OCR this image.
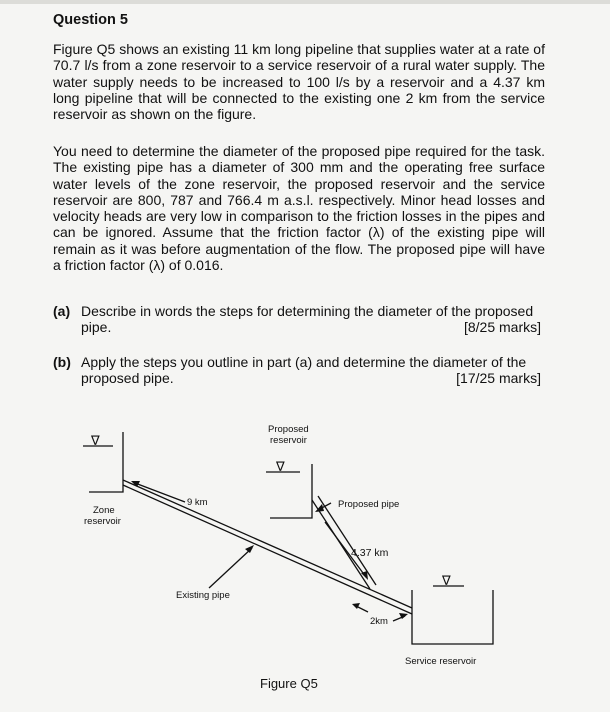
Question 5
Figure Q5 shows an existing 11 km long pipeline that supplies water at a rate of 70.7 l/s from a zone reservoir to a service reservoir of a rural water supply. The water supply needs to be increased to 100 l/s by a reservoir and a 4.37 km long pipeline that will be connected to the existing one 2 km from the service reservoir as shown on the figure.
You need to determine the diameter of the proposed pipe required for the task. The existing pipe has a diameter of 300 mm and the operating free surface water levels of the zone reservoir, the proposed reservoir and the service reservoir are 800, 787 and 766.4 m a.s.l. respectively. Minor head losses and velocity heads are very low in comparison to the friction losses in the pipes and can be ignored. Assume that the friction factor (λ) of the existing pipe will remain as it was before augmentation of the flow. The proposed pipe will have a friction factor (λ) of 0.016.
(a) Describe in words the steps for determining the diameter of the proposed pipe.	[8/25 marks]
(b) Apply the steps you outline in part (a) and determine the diameter of the proposed pipe.	[17/25 marks]
∇
∇
∇
Zone
reservoir
Proposed
reservoir
9 km	Proposed pipe
4.37 km
Existing pipe
2km
Service reservoir
Figure Q5
